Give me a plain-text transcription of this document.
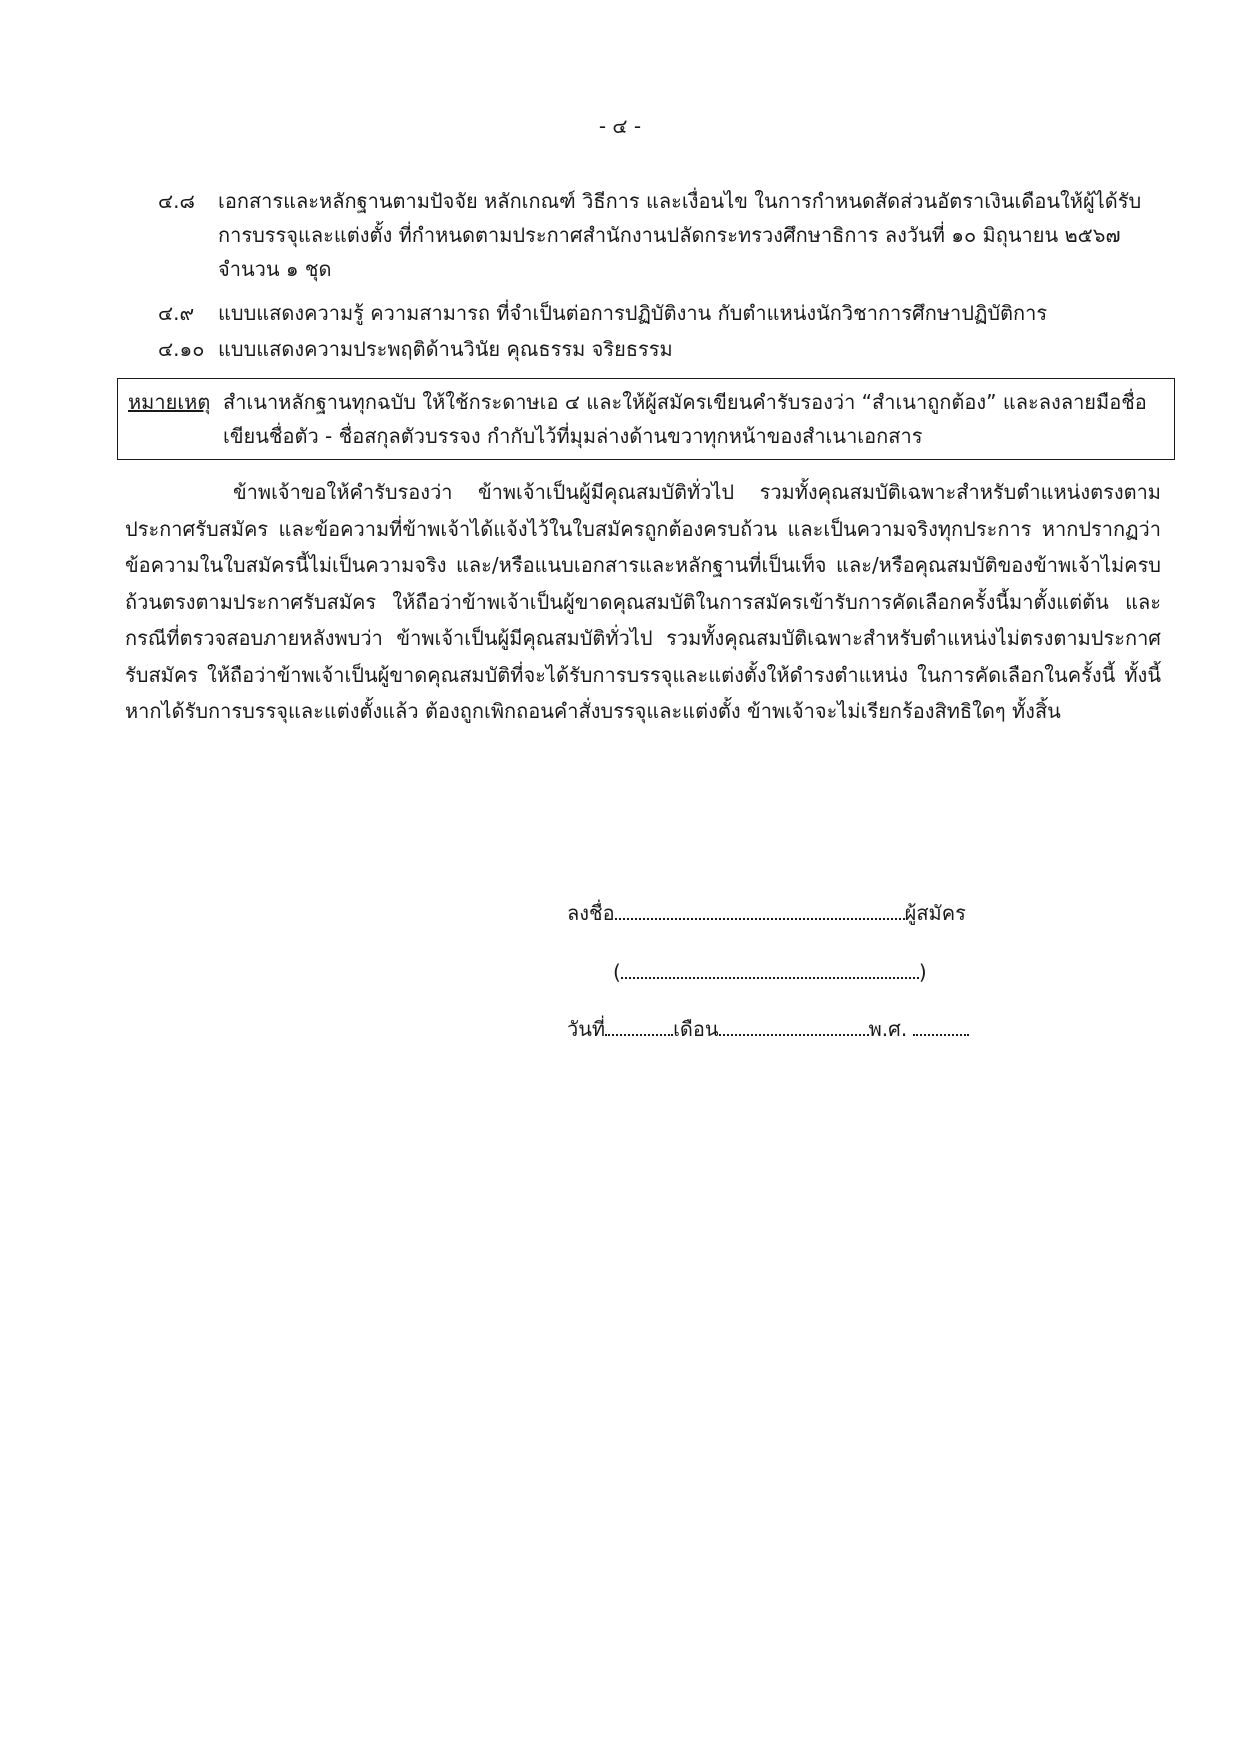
- ๔ -
๔.๘	เอกสารและหลักฐานตามปัจจัย หลักเกณฑ์ วิธีการ และเงื่อนไข ในการกำหนดสัดส่วนอัตราเงินเดือนให้ผู้ได้รับการบรรจุและแต่งตั้ง ที่กำหนดตามประกาศสำนักงานปลัดกระทรวงศึกษาธิการ ลงวันที่ ๑๐ มิถุนายน ๒๕๖๗ จำนวน ๑ ชุด
๔.๙	แบบแสดงความรู้ ความสามารถ ที่จำเป็นต่อการปฏิบัติงาน กับตำแหน่งนักวิชาการศึกษาปฏิบัติการ
๔.๑๐ แบบแสดงความประพฤติด้านวินัย คุณธรรม จริยธรรม
หมายเหตุ สำเนาหลักฐานทุกฉบับ ให้ใช้กระดาษเอ ๔ และให้ผู้สมัครเขียนคำรับรองว่า “สำเนาถูกต้อง” และลงลายมือชื่อ เขียนชื่อตัว - ชื่อสกุลตัวบรรจง กำกับไว้ที่มุมล่างด้านขวาทุกหน้าของสำเนาเอกสาร
ข้าพเจ้าขอให้คำรับรองว่า ข้าพเจ้าเป็นผู้มีคุณสมบัติทั่วไป รวมทั้งคุณสมบัติเฉพาะสำหรับตำแหน่งตรงตามประกาศรับสมัคร และข้อความที่ข้าพเจ้าได้แจ้งไว้ในใบสมัครถูกต้องครบถ้วน และเป็นความจริงทุกประการ หากปรากฏว่าข้อความในใบสมัครนี้ไม่เป็นความจริง และ/หรือแนบเอกสารและหลักฐานที่เป็นเท็จ และ/หรือคุณสมบัติของข้าพเจ้าไม่ครบถ้วนตรงตามประกาศรับสมัคร ให้ถือว่าข้าพเจ้าเป็นผู้ขาดคุณสมบัติในการสมัครเข้ารับการคัดเลือกครั้งนี้มาตั้งแต่ต้น และกรณีที่ตรวจสอบภายหลังพบว่า ข้าพเจ้าเป็นผู้มีคุณสมบัติทั่วไป รวมทั้งคุณสมบัติเฉพาะสำหรับตำแหน่งไม่ตรงตามประกาศรับสมัคร ให้ถือว่าข้าพเจ้าเป็นผู้ขาดคุณสมบัติที่จะได้รับการบรรจุและแต่งตั้งให้ดำรงตำแหน่ง ในการคัดเลือกในครั้งนี้ ทั้งนี้ หากได้รับการบรรจุและแต่งตั้งแล้ว ต้องถูกเพิกถอนคำสั่งบรรจุและแต่งตั้ง ข้าพเจ้าจะไม่เรียกร้องสิทธิใดๆ ทั้งสิ้น
ลงชื่อ	ผู้สมัคร
(	)
วันที่	เดือน	พ.ศ.
